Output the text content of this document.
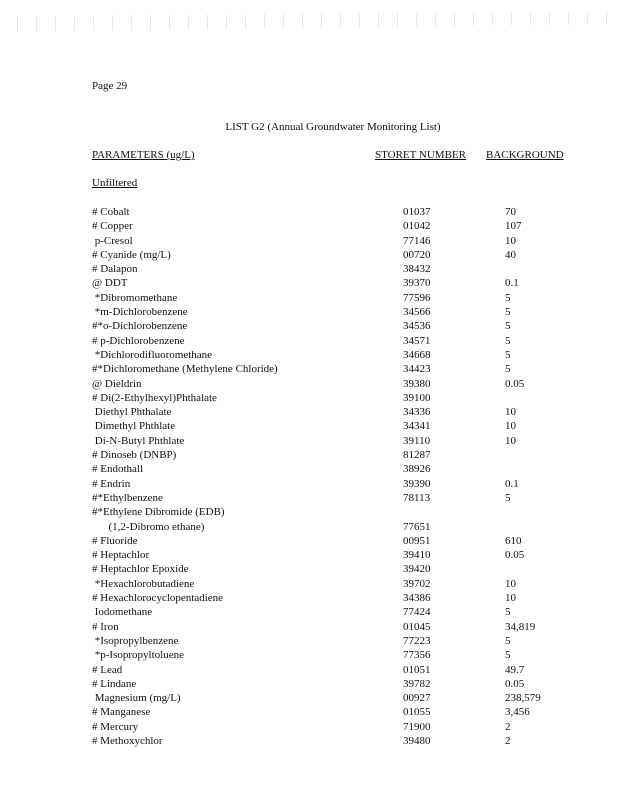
Page 29
LIST G2 (Annual Groundwater Monitoring List)
PARAMETERS (ug/L)	STORET NUMBER BACKGROUND
Unfiltered
# Cobalt	01037	70
# Copper	01042	107
p-Cresol	77146	10
# Cyanide (mg/L)	00720	40
# Dalapon	38432
@ DDT	39370	0.1
*Dibromomethane	77596	5
*m-Dichlorobenzene	34566	5
#*o-Dichlorobenzene	34536	5
# p-Dichlorobenzene	34571	5
*Dichlorodifluoromethane	34668	5
#*Dichloromethane (Methylene Chloride)	34423	5
@ Dieldrin	39380	0.05
# Di(2-Ethylhexyl)Phthalate	39100
Diethyl Phthalate	34336	10
Dimethyl Phthlate	34341	10
Di-N-Butyl Phthlate	39110	10
# Dinoseb (DNBP)	81287
# Endothall	38926
# Endrin	39390	0.1
#*Ethylbenzene	78113	5
#*Ethylene Dibromide (EDB)
(1,2-Dibromo ethane)	77651
# Fluoride	00951	610
# Heptachlor	39410	0.05
# Heptachlor Epoxide	39420
*Hexachlorobutadiene	39702	10
# Hexachlorocyclopentadiene	34386	10
Iodomethane	77424	5
# Iron	01045	34,819
*Isopropylbenzene	77223	5
*p-Isopropyltoluene	77356	5
# Lead	01051	49.7
# Lindane	39782	0.05
Magnesium (mg/L)	00927	238,579
# Manganese	01055	3,456
# Mercury	71900	2
# Methoxychlor	39480	2
